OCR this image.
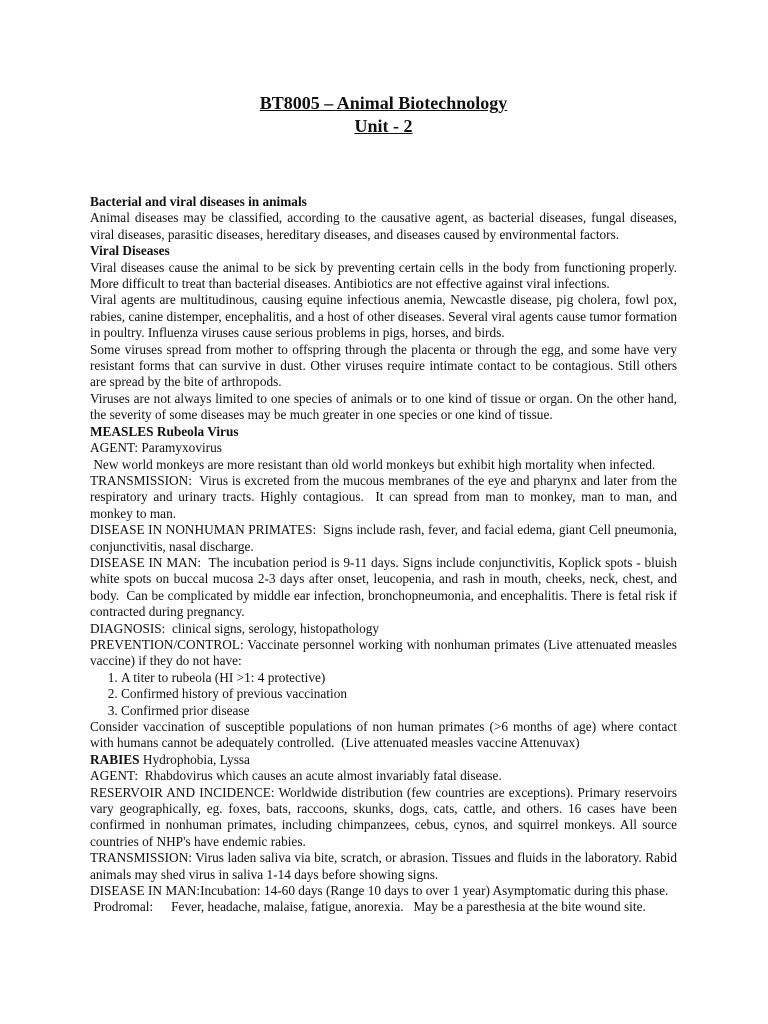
BT8005 – Animal Biotechnology

Unit - 2

Bacterial and viral diseases in animals

Animal diseases may be classified, according to the causative agent, as bacterial diseases, fungal diseases, viral diseases, parasitic diseases, hereditary diseases, and diseases caused by environmental factors.

Viral Diseases

Viral diseases cause the animal to be sick by preventing certain cells in the body from functioning properly. More difficult to treat than bacterial diseases. Antibiotics are not effective against viral infections.

Viral agents are multitudinous, causing equine infectious anemia, Newcastle disease, pig cholera, fowl pox, rabies, canine distemper, encephalitis, and a host of other diseases. Several viral agents cause tumor formation in poultry. Influenza viruses cause serious problems in pigs, horses, and birds.

Some viruses spread from mother to offspring through the placenta or through the egg, and some have very resistant forms that can survive in dust. Other viruses require intimate contact to be contagious. Still others are spread by the bite of arthropods.

Viruses are not always limited to one species of animals or to one kind of tissue or organ. On the other hand, the severity of some diseases may be much greater in one species or one kind of tissue.

MEASLES Rubeola Virus

AGENT: Paramyxovirus

New world monkeys are more resistant than old world monkeys but exhibit high mortality when infected.

TRANSMISSION:  Virus is excreted from the mucous membranes of the eye and pharynx and later from the respiratory and urinary tracts. Highly contagious.  It can spread from man to monkey, man to man, and monkey to man.

DISEASE IN NONHUMAN PRIMATES:  Signs include rash, fever, and facial edema, giant Cell pneumonia, conjunctivitis, nasal discharge.

DISEASE IN MAN:  The incubation period is 9-11 days. Signs include conjunctivitis, Koplick spots - bluish white spots on buccal mucosa 2-3 days after onset, leucopenia, and rash in mouth, cheeks, neck, chest, and body.  Can be complicated by middle ear infection, bronchopneumonia, and encephalitis. There is fetal risk if contracted during pregnancy.

DIAGNOSIS:  clinical signs, serology, histopathology

PREVENTION/CONTROL: Vaccinate personnel working with nonhuman primates (Live attenuated measles vaccine) if they do not have:

1. A titer to rubeola (HI >1: 4 protective)
2. Confirmed history of previous vaccination
3. Confirmed prior disease

Consider vaccination of susceptible populations of non human primates (>6 months of age) where contact with humans cannot be adequately controlled.  (Live attenuated measles vaccine Attenuvax)

RABIES Hydrophobia, Lyssa

AGENT:  Rhabdovirus which causes an acute almost invariably fatal disease.

RESERVOIR AND INCIDENCE: Worldwide distribution (few countries are exceptions). Primary reservoirs vary geographically, eg. foxes, bats, raccoons, skunks, dogs, cats, cattle, and others. 16 cases have been confirmed in nonhuman primates, including chimpanzees, cebus, cynos, and squirrel monkeys. All source countries of NHP's have endemic rabies.

TRANSMISSION: Virus laden saliva via bite, scratch, or abrasion. Tissues and fluids in the laboratory. Rabid animals may shed virus in saliva 1-14 days before showing signs.

DISEASE IN MAN:Incubation: 14-60 days (Range 10 days to over 1 year) Asymptomatic during this phase.

Prodromal: Fever, headache, malaise, fatigue, anorexia.   May be a paresthesia at the bite wound site.
